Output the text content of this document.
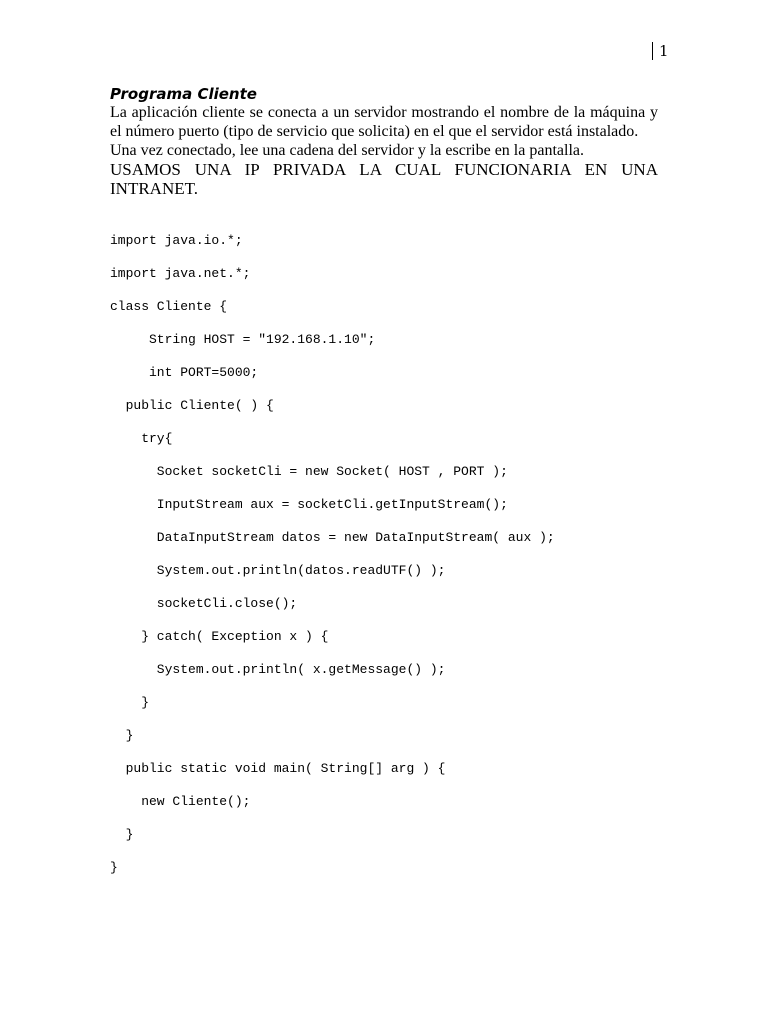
1
Programa Cliente

La aplicación cliente se conecta a un servidor mostrando el nombre de la máquina y el número puerto (tipo de servicio que solicita) en el que el servidor está instalado.

Una vez conectado, lee una cadena del servidor y la escribe en la pantalla.

USAMOS UNA IP PRIVADA LA CUAL FUNCIONARIA EN UNA INTRANET.

import java.io.*;
import java.net.*;
class Cliente {
String HOST = "192.168.1.10";
int PORT=5000;
public Cliente( ) {
try{
Socket socketCli = new Socket( HOST , PORT );
InputStream aux = socketCli.getInputStream();
DataInputStream datos = new DataInputStream( aux );
System.out.println(datos.readUTF() );
socketCli.close();
} catch( Exception x ) {
System.out.println( x.getMessage() );
}
}
public static void main( String[] arg ) {
new Cliente();
}
}
